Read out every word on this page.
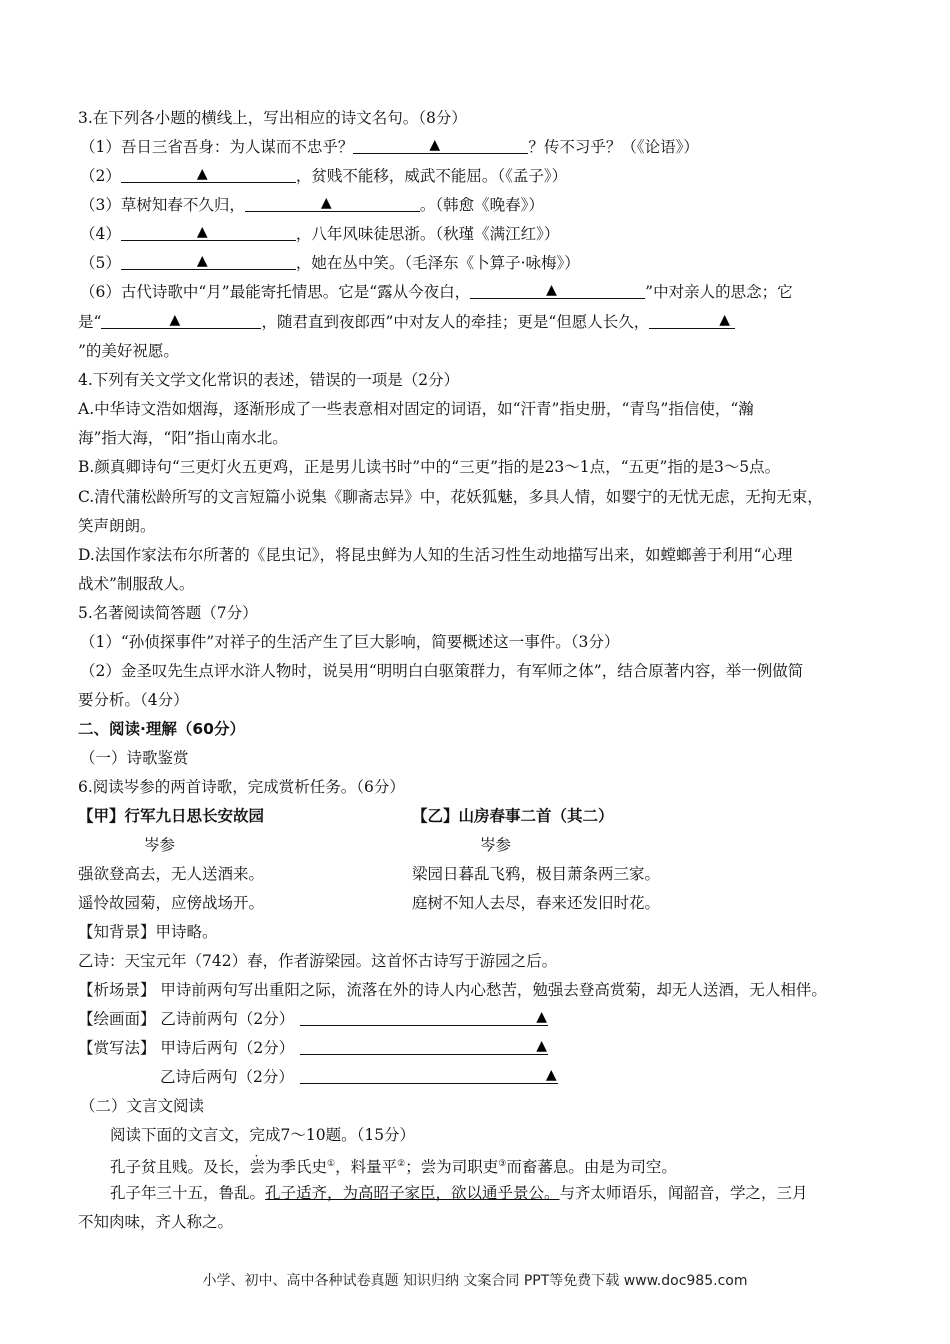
3.在下列各小题的横线上，写出相应的诗文名句。（8分）
（1）吾日三省吾身：为人谋而不忠乎？	▲	？传不习乎？（《论语》）
（2）	▲	，贫贱不能移，威武不能屈。（《孟子》）
（3）草树知春不久归，	▲	。（韩愈《晚春》）
（4）	▲	，八年风味徒思浙。（秋瑾《满江红》）
（5）	▲	，她在丛中笑。（毛泽东《卜算子·咏梅》）
（6）古代诗歌中“月”最能寄托情思。它是“露从今夜白，	▲	”中对亲人的思念；它
是“	▲	，随君直到夜郎西”中对友人的牵挂；更是“但愿人长久，	▲
”的美好祝愿。
4.下列有关文学文化常识的表述，错误的一项是（2分）
A.中华诗文浩如烟海，逐渐形成了一些表意相对固定的词语，如“汗青”指史册，“青鸟”指信使，“瀚
海”指大海，“阳”指山南水北。
B.颜真卿诗句“三更灯火五更鸡，正是男儿读书时”中的“三更”指的是23～1点，“五更”指的是3～5点。
C.清代蒲松龄所写的文言短篇小说集《聊斋志异》中，花妖狐魅，多具人情，如婴宁的无忧无虑，无拘无束，
笑声朗朗。
D.法国作家法布尔所著的《昆虫记》，将昆虫鲜为人知的生活习性生动地描写出来，如螳螂善于利用“心理
战术”制服敌人。
5.名著阅读简答题（7分）
（1）“孙侦探事件”对祥子的生活产生了巨大影响，简要概述这一事件。（3分）
（2）金圣叹先生点评水浒人物时，说吴用“明明白白驱策群力，有军师之体”，结合原著内容，举一例做简
要分析。（4分）
二、阅读·理解（60分）
（一）诗歌鉴赏
6.阅读岑参的两首诗歌，完成赏析任务。（6分）
【甲】行军九日思长安故园	【乙】山房春事二首（其二）
岑参	岑参
强欲登高去，无人送酒来。	梁园日暮乱飞鸦，极目萧条两三家。
遥怜故园菊，应傍战场开。	庭树不知人去尽，春来还发旧时花。
【知背景】甲诗略。
乙诗：天宝元年（742）春，作者游梁园。这首怀古诗写于游园之后。
【析场景】 甲诗前两句写出重阳之际，流落在外的诗人内心愁苦，勉强去登高赏菊，却无人送酒，无人相伴。
【绘画面】 乙诗前两句（2分）	▲
【赏写法】 甲诗后两句（2分）	▲
乙诗后两句（2分）	▲
（二）文言文阅读
阅读下面的文言文，完成7～10题。（15分）
孔子贫且贱。及长，尝为季氏史①，料量平②；尝为司职吏③而畜蕃息。由是为司空。
孔子年三十五，鲁乱。孔子适齐，为高昭子家臣，欲以通乎景公。与齐太师语乐，闻韶音，学之，三月
不知肉味，齐人称之。
小学、初中、高中各种试卷真题 知识归纳 文案合同 PPT等免费下载 www.doc985.com
